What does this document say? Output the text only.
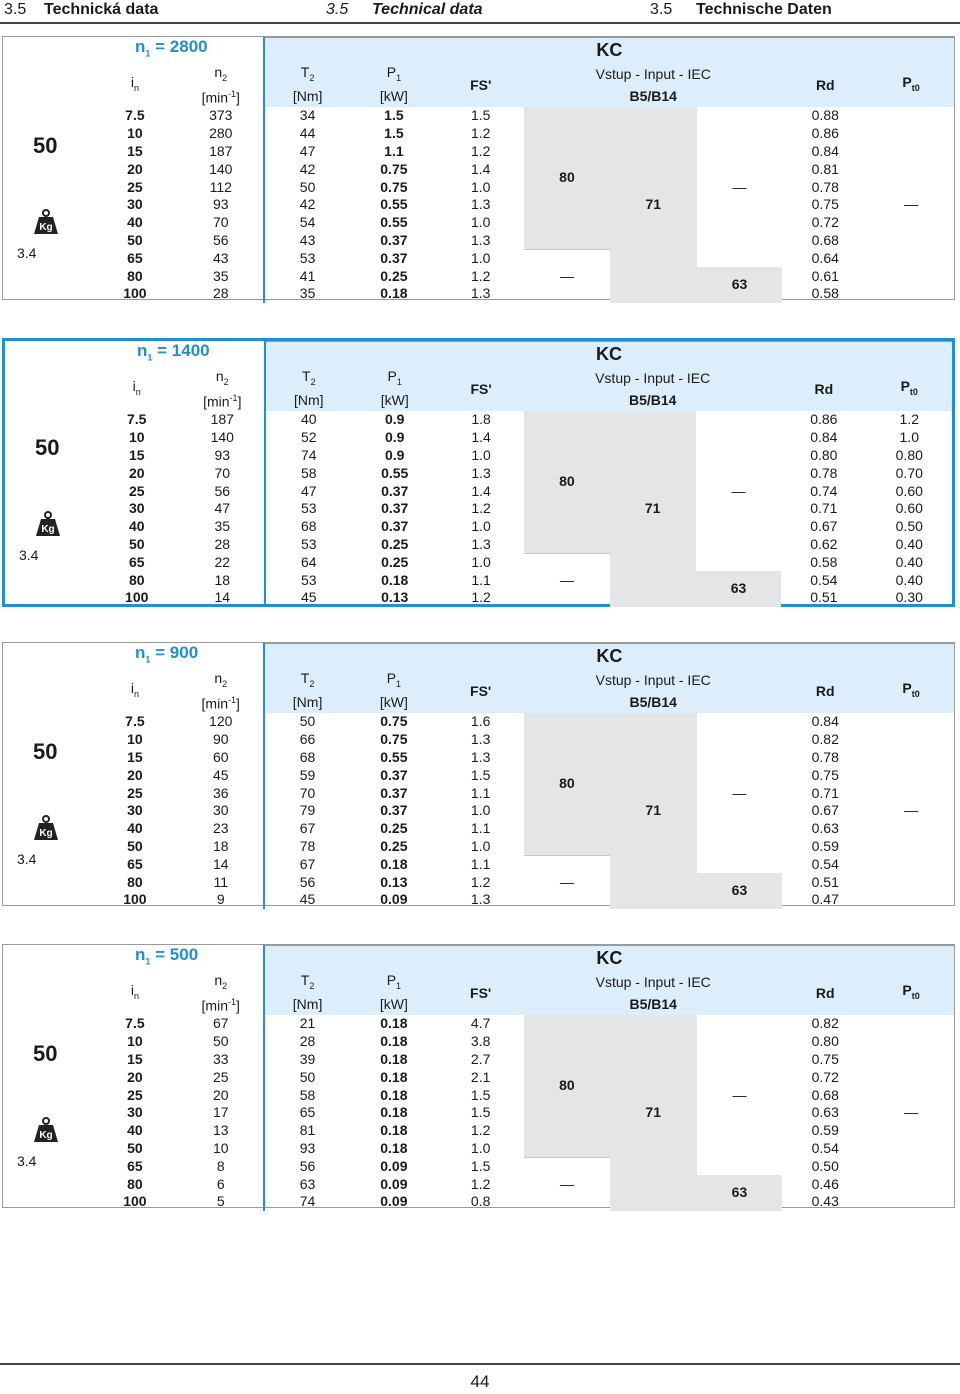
3.5 Technická data	3.5 Technical data	3.5 Technische Daten
50
Kg
3.4
$n_1 = 2800$		KC							
$i_n$	$n_2$	$T_2$	$P_1$	FS'	Vstup - Input - IEC			Rd	$P_{t0}$
	$[\min^{-1}]$	[Nm]	[kW]		B5/B14				
7.5	373	34	1.5	1.5	80	71	—	0.88	
10	280	44	1.5	1.2				0.86	
15	187	47	1.1	1.2				0.84	
20	140	42	0.75	1.4				0.81	
25	112	50	0.75	1.0				0.78	
30	93	42	0.55	1.3				0.75	—
40	70	54	0.55	1.0				0.72	
50	56	43	0.37	1.3				0.68	
65	43	53	0.37	1.0	—			0.64	
80	35	41	0.25	1.2			63	0.61	
100	28	35	0.18	1.3				0.58	
50
Kg
3.4
$n_1 = 1400$		KC							
$i_n$	$n_2$	$T_2$	$P_1$	FS'	Vstup - Input - IEC			Rd	$P_{t0}$
	$[\min^{-1}]$	[Nm]	[kW]		B5/B14				
7.5	187	40	0.9	1.8	80	71	—	0.86	1.2
10	140	52	0.9	1.4				0.84	1.0
15	93	74	0.9	1.0				0.80	0.80
20	70	58	0.55	1.3				0.78	0.70
25	56	47	0.37	1.4				0.74	0.60
30	47	53	0.37	1.2				0.71	0.60
40	35	68	0.37	1.0				0.67	0.50
50	28	53	0.25	1.3				0.62	0.40
65	22	64	0.25	1.0	—			0.58	0.40
80	18	53	0.18	1.1			63	0.54	0.40
100	14	45	0.13	1.2				0.51	0.30
50
Kg
3.4
$n_1 = 900$		KC							
$i_n$	$n_2$	$T_2$	$P_1$	FS'	Vstup - Input - IEC			Rd	$P_{t0}$
	$[\min^{-1}]$	[Nm]	[kW]		B5/B14				
7.5	120	50	0.75	1.6	80	71	—	0.84	
10	90	66	0.75	1.3				0.82	
15	60	68	0.55	1.3				0.78	
20	45	59	0.37	1.5				0.75	
25	36	70	0.37	1.1				0.71	
30	30	79	0.37	1.0				0.67	—
40	23	67	0.25	1.1				0.63	
50	18	78	0.25	1.0				0.59	
65	14	67	0.18	1.1	—			0.54	
80	11	56	0.13	1.2			63	0.51	
100	9	45	0.09	1.3				0.47	
50
Kg
3.4
$n_1 = 500$		KC							
$i_n$	$n_2$	$T_2$	$P_1$	FS'	Vstup - Input - IEC			Rd	$P_{t0}$
	$[\min^{-1}]$	[Nm]	[kW]		B5/B14				
7.5	67	21	0.18	4.7	80	71	—	0.82	
10	50	28	0.18	3.8				0.80	
15	33	39	0.18	2.7				0.75	
20	25	50	0.18	2.1				0.72	
25	20	58	0.18	1.5				0.68	
30	17	65	0.18	1.5				0.63	—
40	13	81	0.18	1.2				0.59	
50	10	93	0.18	1.0				0.54	
65	8	56	0.09	1.5	—			0.50	
80	6	63	0.09	1.2			63	0.46	
100	5	74	0.09	0.8				0.43	
44
